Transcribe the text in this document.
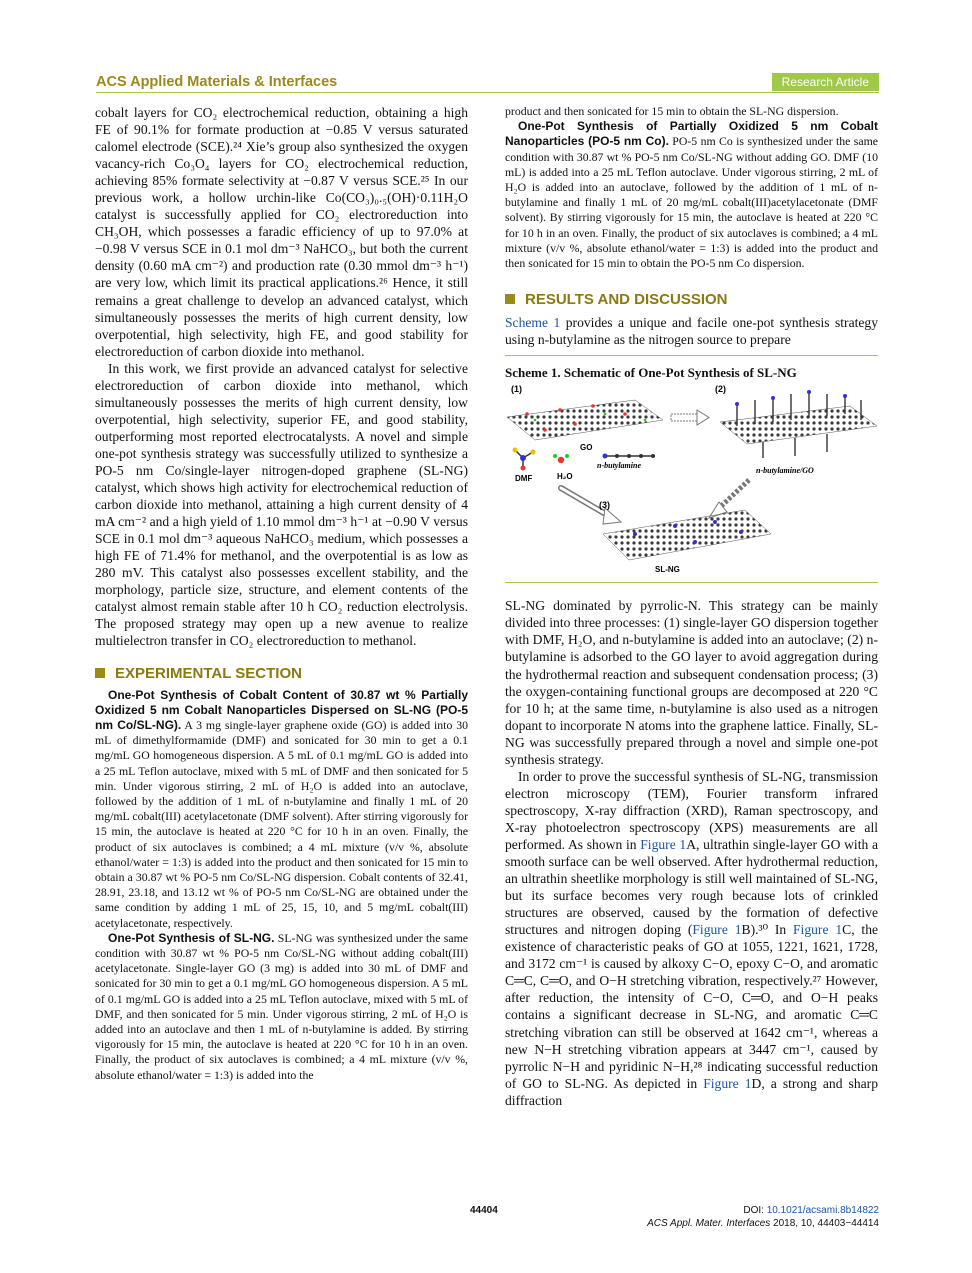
ACS Applied Materials & Interfaces	Research Article

cobalt layers for CO₂ electrochemical reduction, obtaining a high FE of 90.1% for formate production at −0.85 V versus saturated calomel electrode (SCE).²⁴ Xie’s group also synthesized the oxygen vacancy-rich Co₃O₄ layers for CO₂ electrochemical reduction, achieving 85% formate selectivity at −0.87 V versus SCE.²⁵ In our previous work, a hollow urchin-like Co(CO₃)₀.₅(OH)·0.11H₂O catalyst is successfully applied for CO₂ electroreduction into CH₃OH, which possesses a faradic efficiency of up to 97.0% at −0.98 V versus SCE in 0.1 mol dm⁻³ NaHCO₃, but both the current density (0.60 mA cm⁻²) and production rate (0.30 mmol dm⁻³ h⁻¹) are very low, which limit its practical applications.²⁶ Hence, it still remains a great challenge to develop an advanced catalyst, which simultaneously possesses the merits of high current density, low overpotential, high selectivity, high FE, and good stability for electroreduction of carbon dioxide into methanol.

In this work, we first provide an advanced catalyst for selective electroreduction of carbon dioxide into methanol, which simultaneously possesses the merits of high current density, low overpotential, high selectivity, superior FE, and good stability, outperforming most reported electrocatalysts. A novel and simple one-pot synthesis strategy was successfully utilized to synthesize a PO-5 nm Co/single-layer nitrogen-doped graphene (SL-NG) catalyst, which shows high activity for electrochemical reduction of carbon dioxide into methanol, attaining a high current density of 4 mA cm⁻² and a high yield of 1.10 mmol dm⁻³ h⁻¹ at −0.90 V versus SCE in 0.1 mol dm⁻³ aqueous NaHCO₃ medium, which possesses a high FE of 71.4% for methanol, and the overpotential is as low as 280 mV. This catalyst also possesses excellent stability, and the morphology, particle size, structure, and element contents of the catalyst almost remain stable after 10 h CO₂ reduction electrolysis. The proposed strategy may open up a new avenue to realize multielectron transfer in CO₂ electroreduction to methanol.

EXPERIMENTAL SECTION

One-Pot Synthesis of Cobalt Content of 30.87 wt % Partially Oxidized 5 nm Cobalt Nanoparticles Dispersed on SL-NG (PO-5 nm Co/SL-NG). A 3 mg single-layer graphene oxide (GO) is added into 30 mL of dimethylformamide (DMF) and sonicated for 30 min to get a 0.1 mg/mL GO homogeneous dispersion. A 5 mL of 0.1 mg/mL GO is added into a 25 mL Teflon autoclave, mixed with 5 mL of DMF and then sonicated for 5 min. Under vigorous stirring, 2 mL of H₂O is added into an autoclave, followed by the addition of 1 mL of n-butylamine and finally 1 mL of 20 mg/mL cobalt(III) acetylacetonate (DMF solvent). After stirring vigorously for 15 min, the autoclave is heated at 220 °C for 10 h in an oven. Finally, the product of six autoclaves is combined; a 4 mL mixture (v/v %, absolute ethanol/water = 1:3) is added into the product and then sonicated for 15 min to obtain a 30.87 wt % PO-5 nm Co/SL-NG dispersion. Cobalt contents of 32.41, 28.91, 23.18, and 13.12 wt % of PO-5 nm Co/SL-NG are obtained under the same condition by adding 1 mL of 25, 15, 10, and 5 mg/mL cobalt(III) acetylacetonate, respectively.

One-Pot Synthesis of SL-NG. SL-NG was synthesized under the same condition with 30.87 wt % PO-5 nm Co/SL-NG without adding cobalt(III) acetylacetonate. Single-layer GO (3 mg) is added into 30 mL of DMF and sonicated for 30 min to get a 0.1 mg/mL GO homogeneous dispersion. A 5 mL of 0.1 mg/mL GO is added into a 25 mL Teflon autoclave, mixed with 5 mL of DMF, and then sonicated for 5 min. Under vigorous stirring, 2 mL of H₂O is added into an autoclave and then 1 mL of n-butylamine is added. By stirring vigorously for 15 min, the autoclave is heated at 220 °C for 10 h in an oven. Finally, the product of six autoclaves is combined; a 4 mL mixture (v/v %, absolute ethanol/water = 1:3) is added into the

product and then sonicated for 15 min to obtain the SL-NG dispersion.

One-Pot Synthesis of Partially Oxidized 5 nm Cobalt Nanoparticles (PO-5 nm Co). PO-5 nm Co is synthesized under the same condition with 30.87 wt % PO-5 nm Co/SL-NG without adding GO. DMF (10 mL) is added into a 25 mL Teflon autoclave. Under vigorous stirring, 2 mL of H₂O is added into an autoclave, followed by the addition of 1 mL of n-butylamine and finally 1 mL of 20 mg/mL cobalt(III)acetylacetonate (DMF solvent). By stirring vigorously for 15 min, the autoclave is heated at 220 °C for 10 h in an oven. Finally, the product of six autoclaves is combined; a 4 mL mixture (v/v %, absolute ethanol/water = 1:3) is added into the product and then sonicated for 15 min to obtain the PO-5 nm Co dispersion.

RESULTS AND DISCUSSION

Scheme 1 provides a unique and facile one-pot synthesis strategy using n-butylamine as the nitrogen source to prepare

Scheme 1. Schematic of One-Pot Synthesis of SL-NG
(1)	(2)
n-butylamine/GO
DMF	H₂O
GO
n-butylamine
(3)
SL-NG

SL-NG dominated by pyrrolic-N. This strategy can be mainly divided into three processes: (1) single-layer GO dispersion together with DMF, H₂O, and n-butylamine is added into an autoclave; (2) n-butylamine is adsorbed to the GO layer to avoid aggregation during the hydrothermal reaction and subsequent condensation process; (3) the oxygen-containing functional groups are decomposed at 220 °C for 10 h; at the same time, n-butylamine is also used as a nitrogen dopant to incorporate N atoms into the graphene lattice. Finally, SL-NG was successfully prepared through a novel and simple one-pot synthesis strategy.

In order to prove the successful synthesis of SL-NG, transmission electron microscopy (TEM), Fourier transform infrared spectroscopy, X-ray diffraction (XRD), Raman spectroscopy, and X-ray photoelectron spectroscopy (XPS) measurements are all performed. As shown in Figure 1A, ultrathin single-layer GO with a smooth surface can be well observed. After hydrothermal reduction, an ultrathin sheetlike morphology is still well maintained of SL-NG, but its surface becomes very rough because lots of crinkled structures are observed, caused by the formation of defective structures and nitrogen doping (Figure 1B).³⁰ In Figure 1C, the existence of characteristic peaks of GO at 1055, 1221, 1621, 1728, and 3172 cm⁻¹ is caused by alkoxy C−O, epoxy C−O, and aromatic C═C, C═O, and O−H stretching vibration, respectively.²⁷ However, after reduction, the intensity of C−O, C═O, and O−H peaks contains a significant decrease in SL-NG, and aromatic C═C stretching vibration can still be observed at 1642 cm⁻¹, whereas a new N−H stretching vibration appears at 3447 cm⁻¹, caused by pyrrolic N−H and pyridinic N−H,²⁸ indicating successful reduction of GO to SL-NG. As depicted in Figure 1D, a strong and sharp diffraction

44404	DOI: 10.1021/acsami.8b14822
ACS Appl. Mater. Interfaces 2018, 10, 44403−44414
